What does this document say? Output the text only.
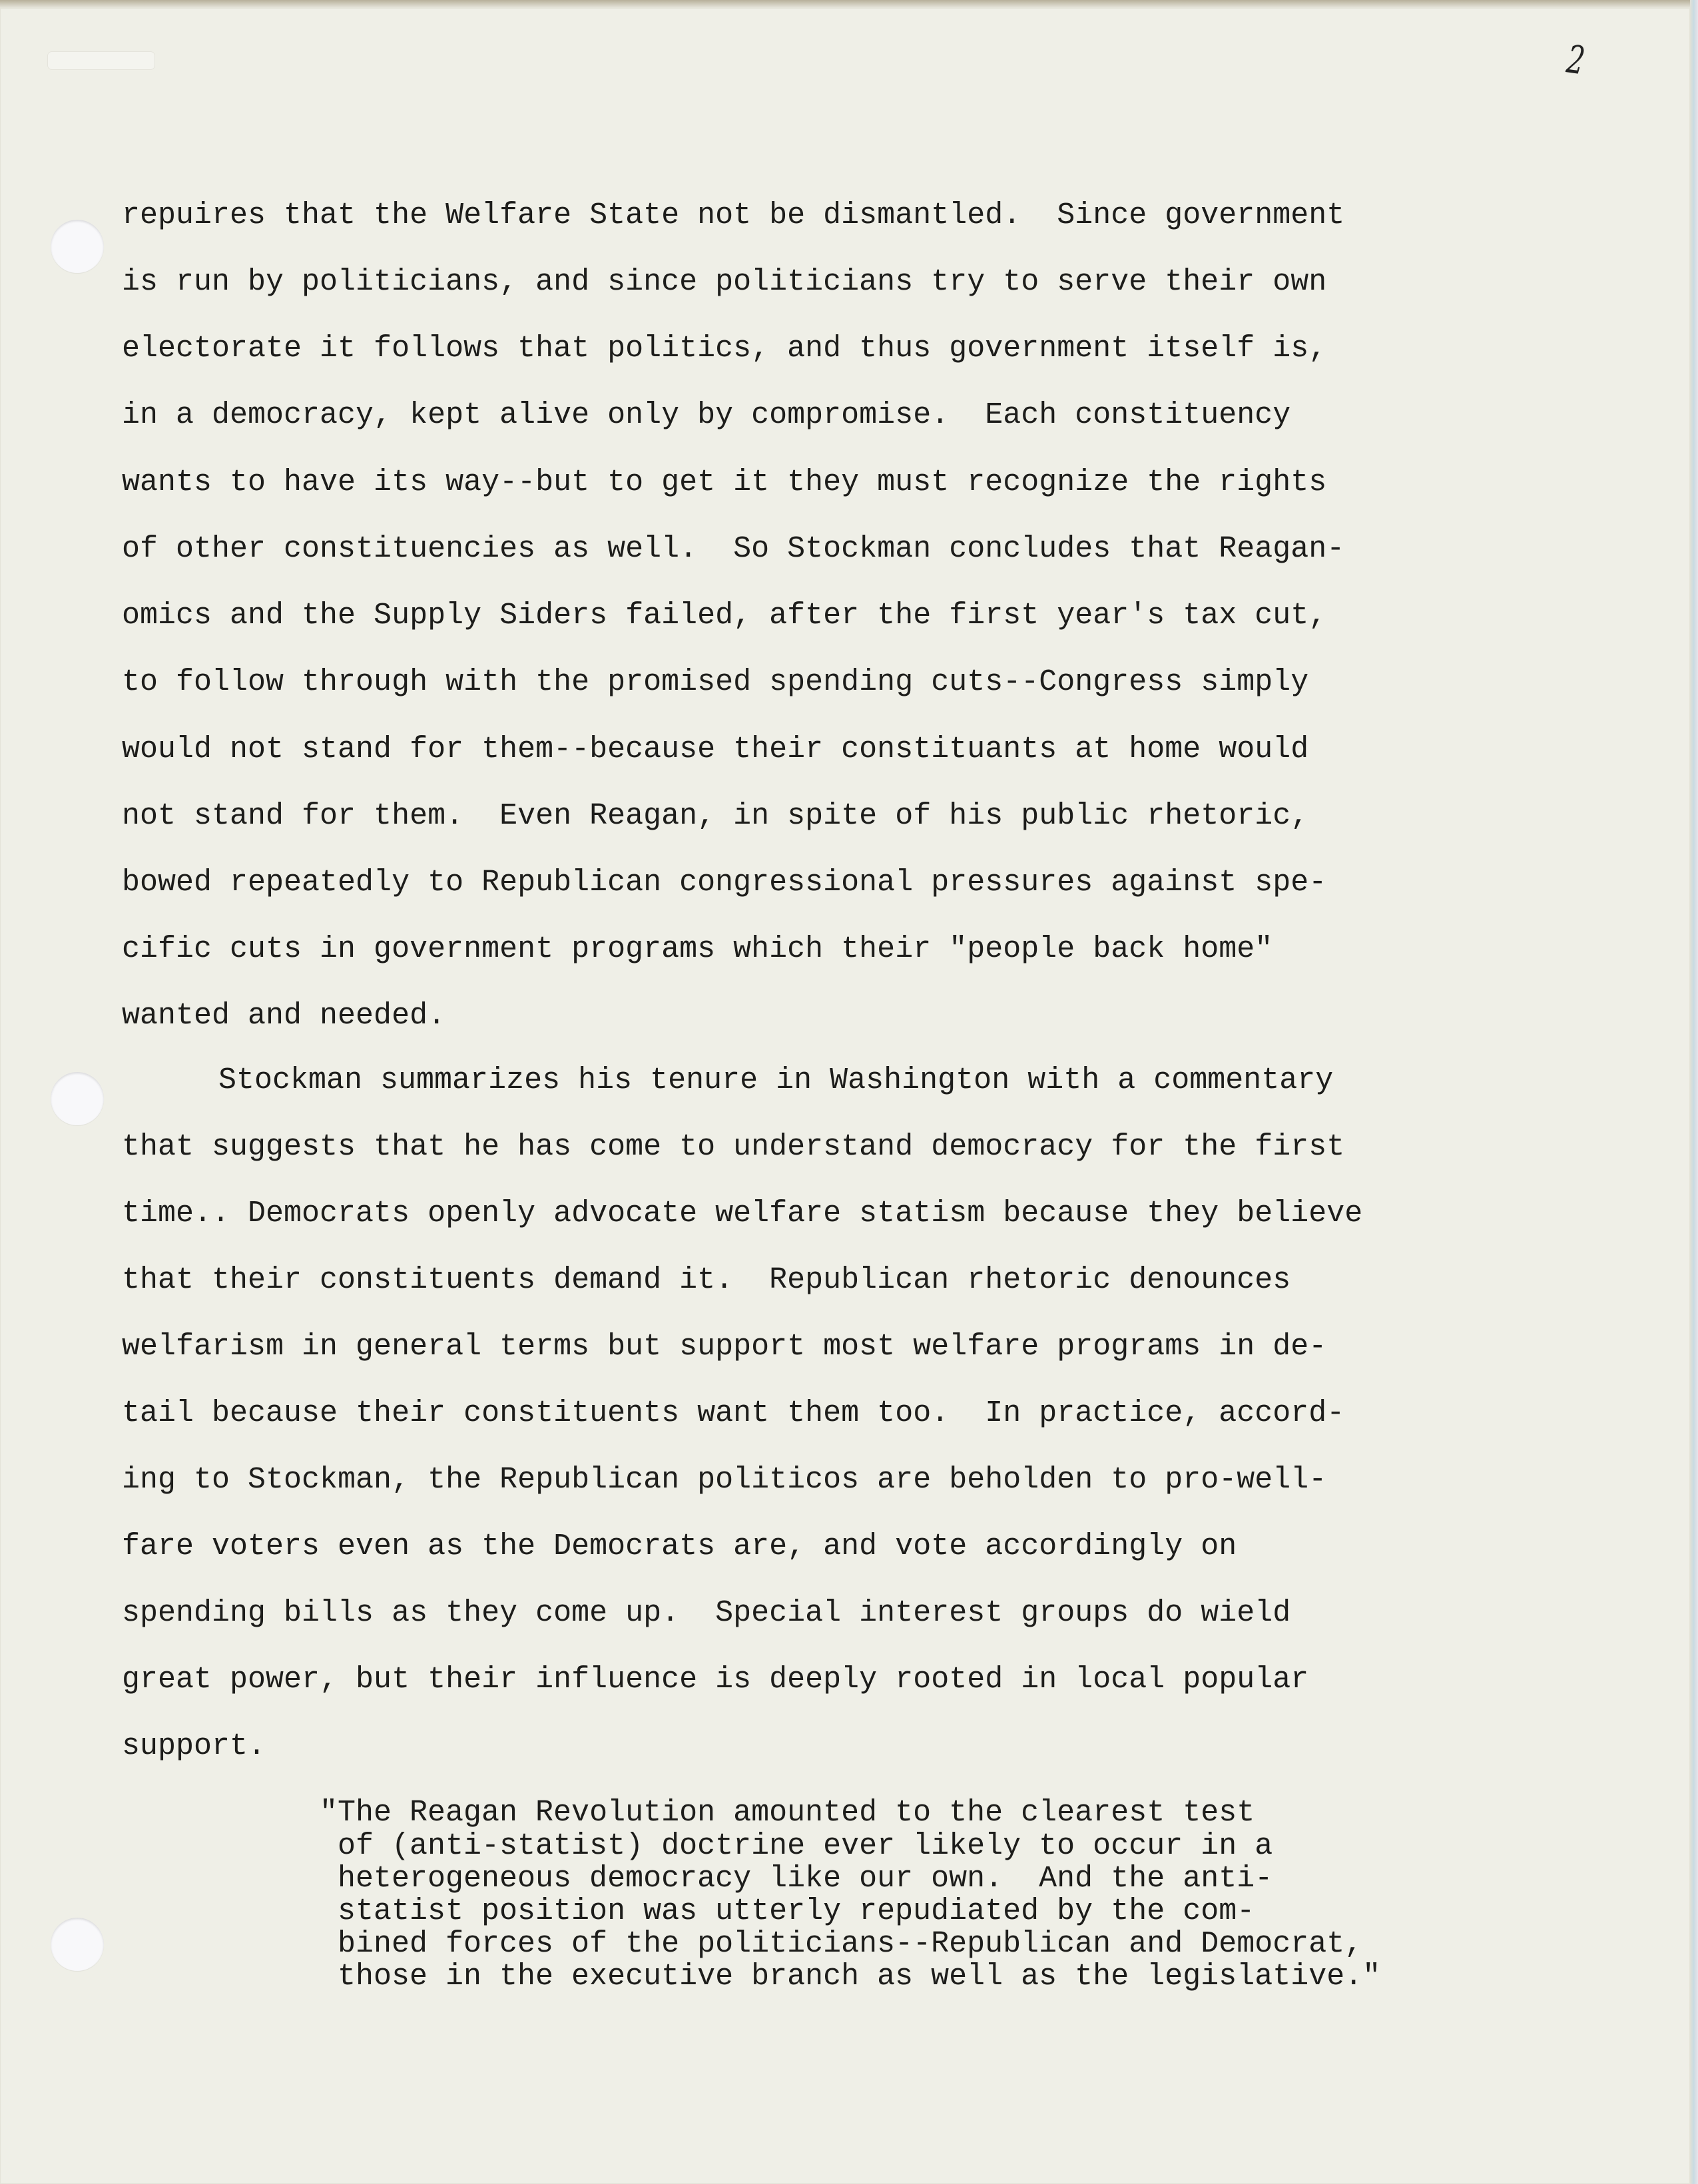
2
repuires that the Welfare State not be dismantled.  Since government
is run by politicians, and since politicians try to serve their own
electorate it follows that politics, and thus government itself is,
in a democracy, kept alive only by compromise.  Each constituency
wants to have its way--but to get it they must recognize the rights
of other constituencies as well.  So Stockman concludes that Reagan-
omics and the Supply Siders failed, after the first year's tax cut,
to follow through with the promised spending cuts--Congress simply
would not stand for them--because their constituants at home would
not stand for them.  Even Reagan, in spite of his public rhetoric,
bowed repeatedly to Republican congressional pressures against spe-
cific cuts in government programs which their "people back home"
wanted and needed.
Stockman summarizes his tenure in Washington with a commentary
that suggests that he has come to understand democracy for the first
time.. Democrats openly advocate welfare statism because they believe
that their constituents demand it.  Republican rhetoric denounces
welfarism in general terms but support most welfare programs in de-
tail because their constituents want them too.  In practice, accord-
ing to Stockman, the Republican politicos are beholden to pro-well-
fare voters even as the Democrats are, and vote accordingly on
spending bills as they come up.  Special interest groups do wield
great power, but their influence is deeply rooted in local popular
support.
"The Reagan Revolution amounted to the clearest test
of (anti-statist) doctrine ever likely to occur in a
heterogeneous democracy like our own.  And the anti-
statist position was utterly repudiated by the com-
bined forces of the politicians--Republican and Democrat,
those in the executive branch as well as the legislative."
